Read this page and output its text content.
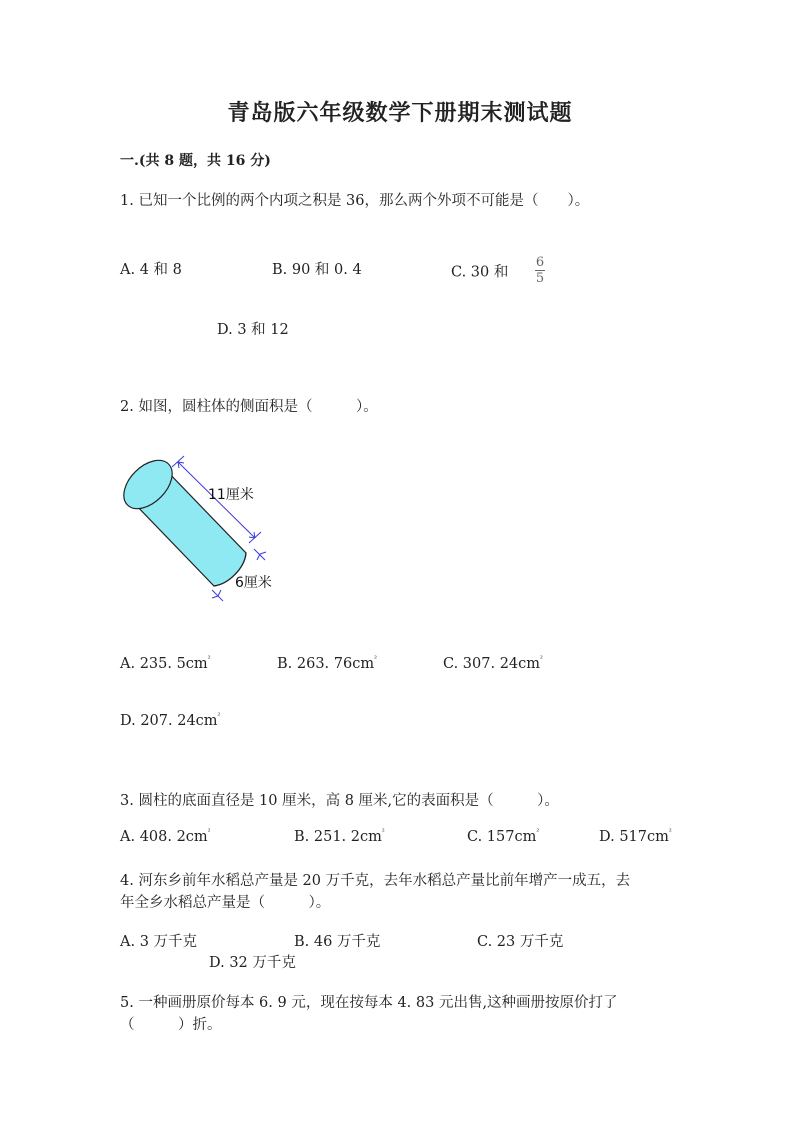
青岛版六年级数学下册期末测试题
一.(共 8 题，共 16 分)
1. 已知一个比例的两个内项之积是 36，那么两个外项不可能是（　　）。
A. 4 和 8	B. 90 和 0. 4	C. 30 和 $\frac{6}{5}$
D. 3 和 12
2. 如图，圆柱体的侧面积是（　　　）。
11厘米
6厘米
A. 235. $5cm^{^2}$	B. 263. $76cm^{^2}$	C. 307. $24cm^{^2}$
D. 207. $24cm^{^2}$
3. 圆柱的底面直径是 10 厘米，高 8 厘米,它的表面积是（　　　）。
A. 408. $2cm^{^2}$	B. 251. $2cm^{^2}$	C. $157cm^{^2}$	D. $517cm^{^2}$
4. 河东乡前年水稻总产量是 20 万千克，去年水稻总产量比前年增产一成五，去
年全乡水稻总产量是（　　　）。
A. 3 万千克	B. 46 万千克	C. 23 万千克
D. 32 万千克
5. 一种画册原价每本 6. 9 元，现在按每本 4. 83 元出售,这种画册按原价打了
（　　　）折。
